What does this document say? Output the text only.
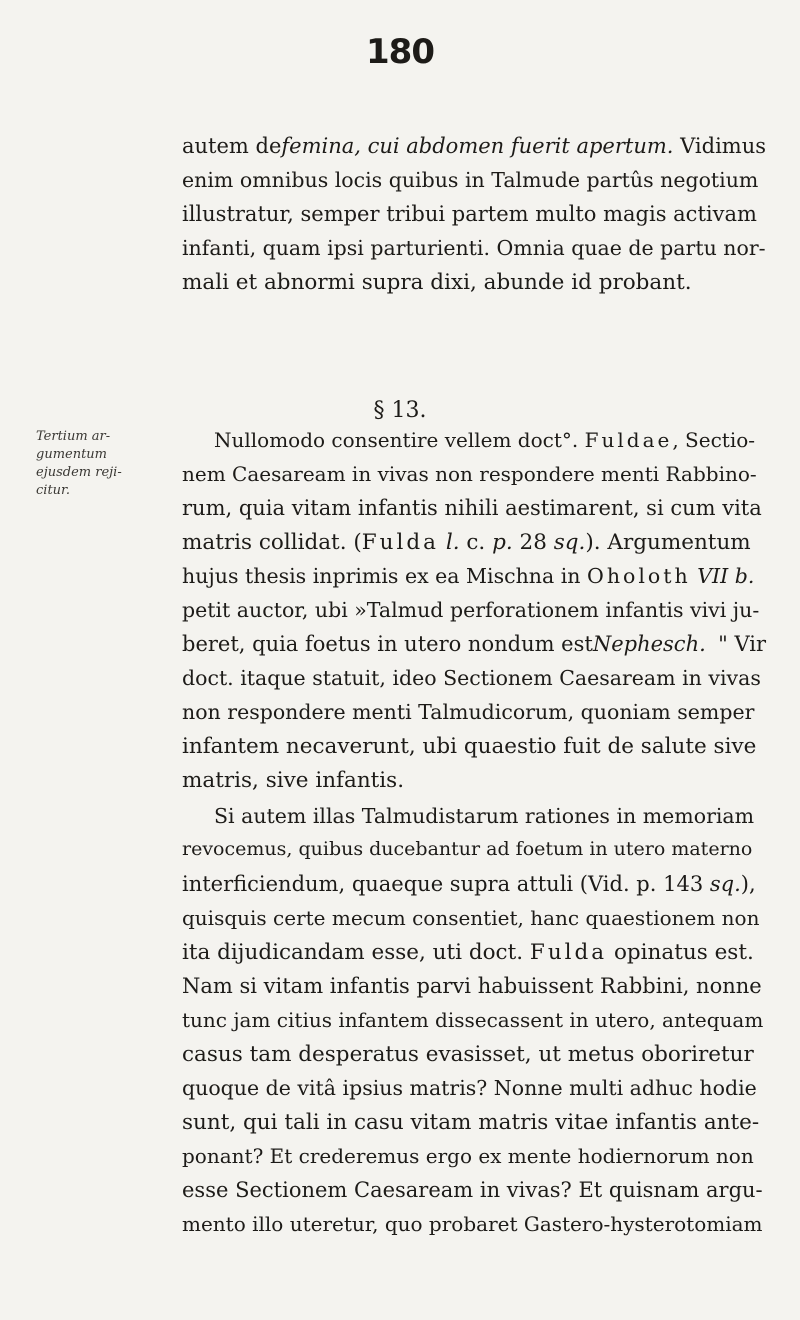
180
autem defemina, cui abdomen fuerit apertum. Vidimus
enim omnibus locis quibus in Talmude partûs negotium
illustratur, semper tribui partem multo magis activam
infanti, quam ipsi parturienti. Omnia quae de partu nor-
mali et abnormi supra dixi, abunde id probant.
§ 13.
Tertium ar-
gumentum
ejusdem reji-
citur.
Nullomodo consentire vellem doct°. Fuldae, Sectio-
nem Caesaream in vivas non respondere menti Rabbino-
rum, quia vitam infantis nihili aestimarent, si cum vita
matris collidat. (Fulda l. c. p. 28 sq.). Argumentum
hujus thesis inprimis ex ea Mischna in Oholoth VII b.
petit auctor, ubi »Talmud perforationem infantis vivi ju-
beret, quia foetus in utero nondum estNephesch. " Vir
doct. itaque statuit, ideo Sectionem Caesaream in vivas
non respondere menti Talmudicorum, quoniam semper
infantem necaverunt, ubi quaestio fuit de salute sive
matris, sive infantis.
Si autem illas Talmudistarum rationes in memoriam
revocemus, quibus ducebantur ad foetum in utero materno
interficiendum, quaeque supra attuli (Vid. p. 143 sq.),
quisquis certe mecum consentiet, hanc quaestionem non
ita dijudicandam esse, uti doct. Fulda opinatus est.
Nam si vitam infantis parvi habuissent Rabbini, nonne
tunc jam citius infantem dissecassent in utero, antequam
casus tam desperatus evasisset, ut metus oboriretur
quoque de vitâ ipsius matris? Nonne multi adhuc hodie
sunt, qui tali in casu vitam matris vitae infantis ante-
ponant? Et crederemus ergo ex mente hodiernorum non
esse Sectionem Caesaream in vivas? Et quisnam argu-
mento illo uteretur, quo probaret Gastero-hysterotomiam
